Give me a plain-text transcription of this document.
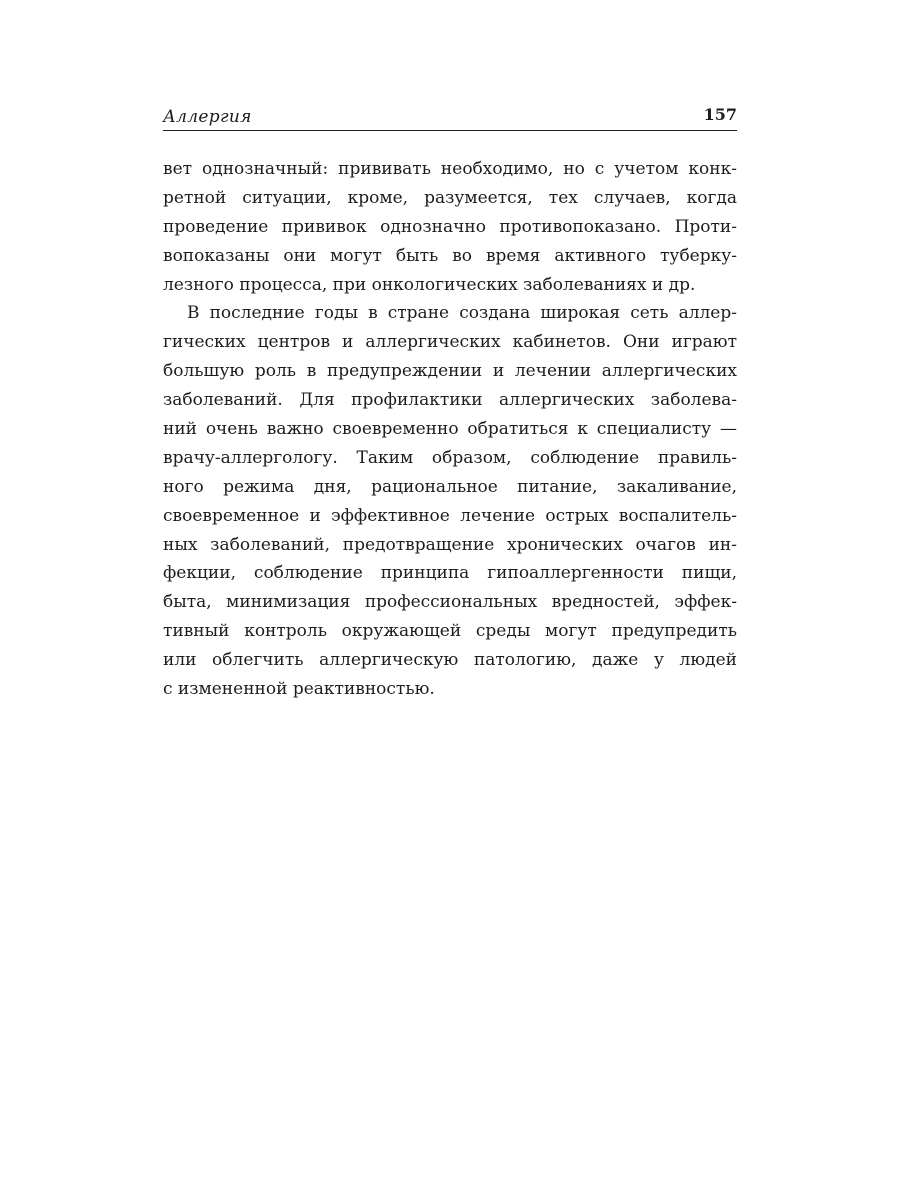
Аллергия	157
вет однозначный: прививать необходимо, но с учетом конк-
ретной ситуации, кроме, разумеется, тех случаев, когда
проведение прививок однозначно противопоказано. Проти-
вопоказаны они могут быть во время активного туберку-
лезного процесса, при онкологических заболеваниях и др.
В последние годы в стране создана широкая сеть аллер-
гических центров и аллергических кабинетов. Они играют
большую роль в предупреждении и лечении аллергических
заболеваний. Для профилактики аллергических заболева-
ний очень важно своевременно обратиться к специалисту —
врачу-аллергологу. Таким образом, соблюдение правиль-
ного режима дня, рациональное питание, закаливание,
своевременное и эффективное лечение острых воспалитель-
ных заболеваний, предотвращение хронических очагов ин-
фекции, соблюдение принципа гипоаллергенности пищи,
быта, минимизация профессиональных вредностей, эффек-
тивный контроль окружающей среды могут предупредить
или облегчить аллергическую патологию, даже у людей
с измененной реактивностью.
